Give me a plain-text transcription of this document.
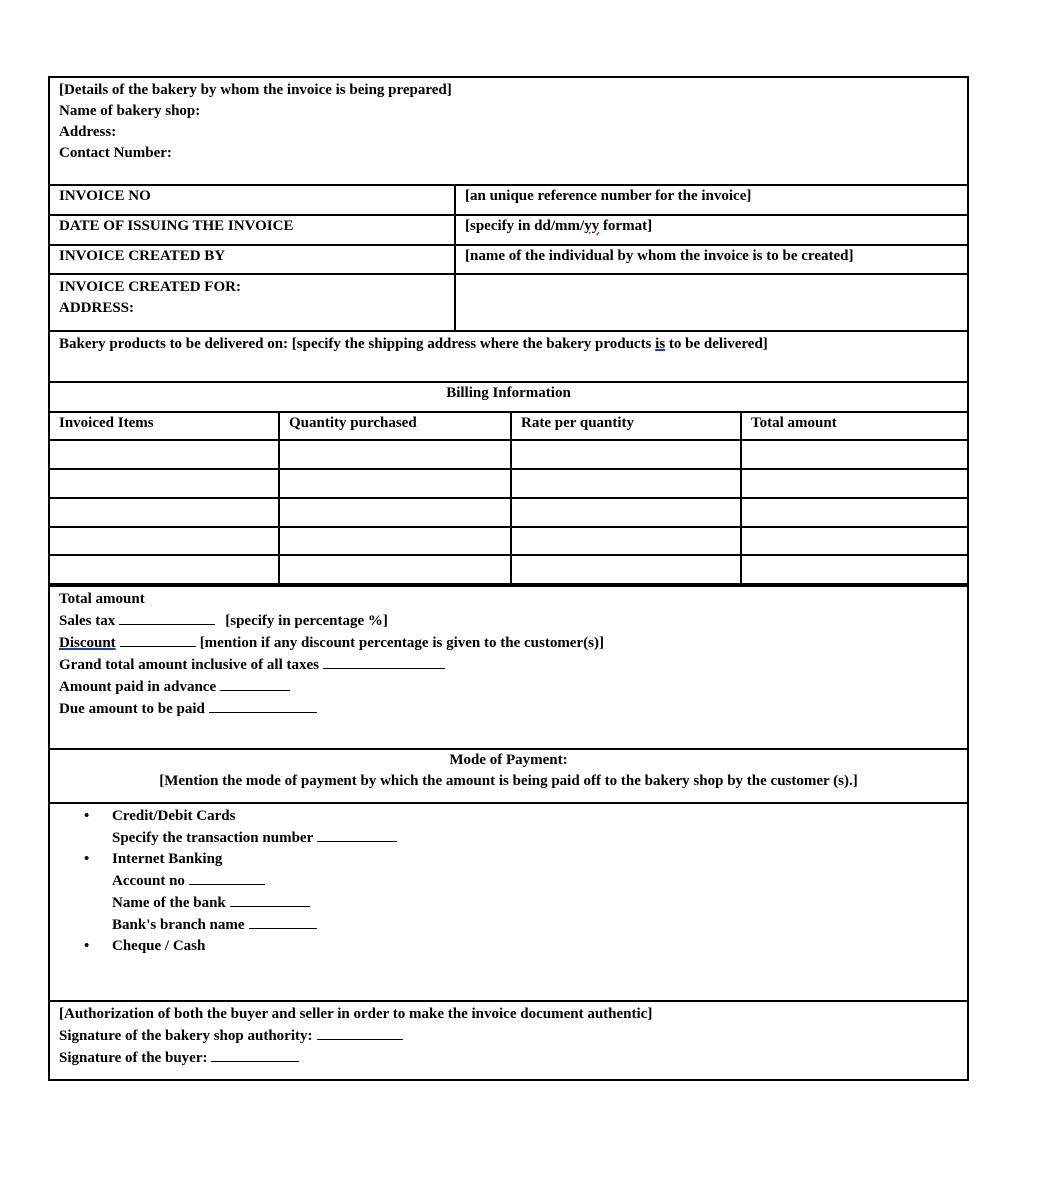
[Details of the bakery by whom the invoice is being prepared]
Name of bakery shop:
Address:
Contact Number:
INVOICE NO	[an unique reference number for the invoice]
DATE OF ISSUING THE INVOICE	[specify in dd/mm/yy format]
INVOICE CREATED BY	[name of the individual by whom the invoice is to be created]
INVOICE CREATED FOR:
ADDRESS:
Bakery products to be delivered on: [specify the shipping address where the bakery products is to be delivered]
Billing Information
Invoiced Items	Quantity purchased	Rate per quantity	Total amount
Total amount
Sales tax	[specify in percentage %]
Discount	[mention if any discount percentage is given to the customer(s)]
Grand total amount inclusive of all taxes
Amount paid in advance
Due amount to be paid
Mode of Payment:
[Mention the mode of payment by which the amount is being paid off to the bakery shop by the customer (s).]
• Credit/Debit Cards
Specify the transaction number
• Internet Banking
Account no
Name of the bank
Bank's branch name
• Cheque / Cash
[Authorization of both the buyer and seller in order to make the invoice document authentic]
Signature of the bakery shop authority:
Signature of the buyer:
